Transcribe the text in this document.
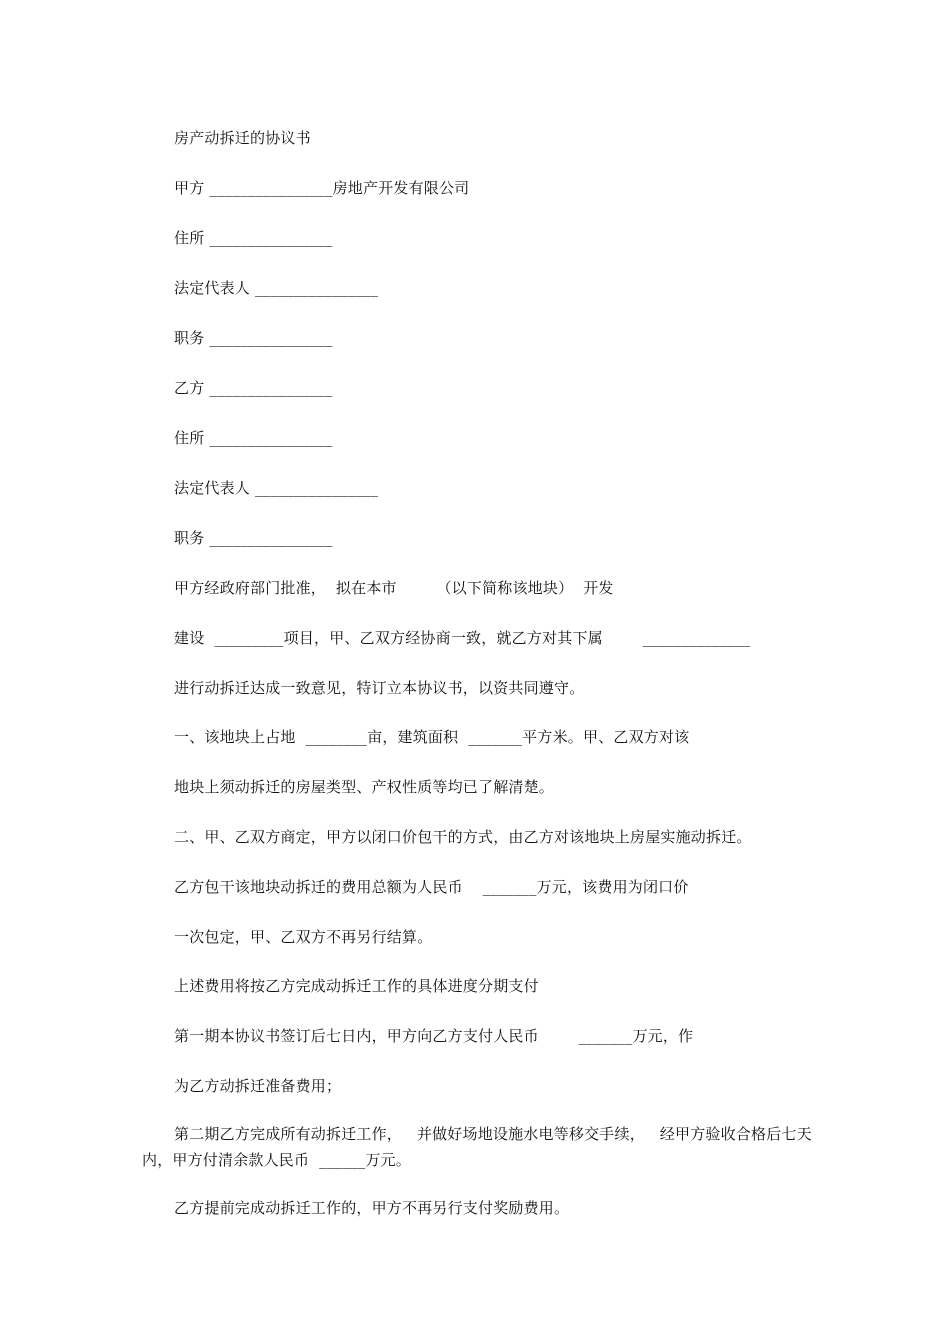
房产动拆迁的协议书
甲方 ________________房地产开发有限公司
住所 ________________
法定代表人 ________________
职务 ________________
乙方 ________________
住所 ________________
法定代表人 ________________
职务 ________________
甲方经政府部门批准，  拟在本市        （以下简称该地块）  开发
建设  _________项目，甲、乙双方经协商一致，就乙方对其下属        ______________
进行动拆迁达成一致意见，特订立本协议书，以资共同遵守。
一、该地块上占地  ________亩，建筑面积  _______平方米。甲、乙双方对该
地块上须动拆迁的房屋类型、产权性质等均已了解清楚。
二、甲、乙双方商定，甲方以闭口价包干的方式，由乙方对该地块上房屋实施动拆迁。
乙方包干该地块动拆迁的费用总额为人民币    _______万元，该费用为闭口价
一次包定，甲、乙双方不再另行结算。
上述费用将按乙方完成动拆迁工作的具体进度分期支付
第一期本协议书签订后七日内，甲方向乙方支付人民币        _______万元，作
为乙方动拆迁准备费用；
第二期乙方完成所有动拆迁工作，   并做好场地设施水电等移交手续，   经甲方验收合格后七天内，甲方付清余款人民币  ______万元。
乙方提前完成动拆迁工作的，甲方不再另行支付奖励费用。
